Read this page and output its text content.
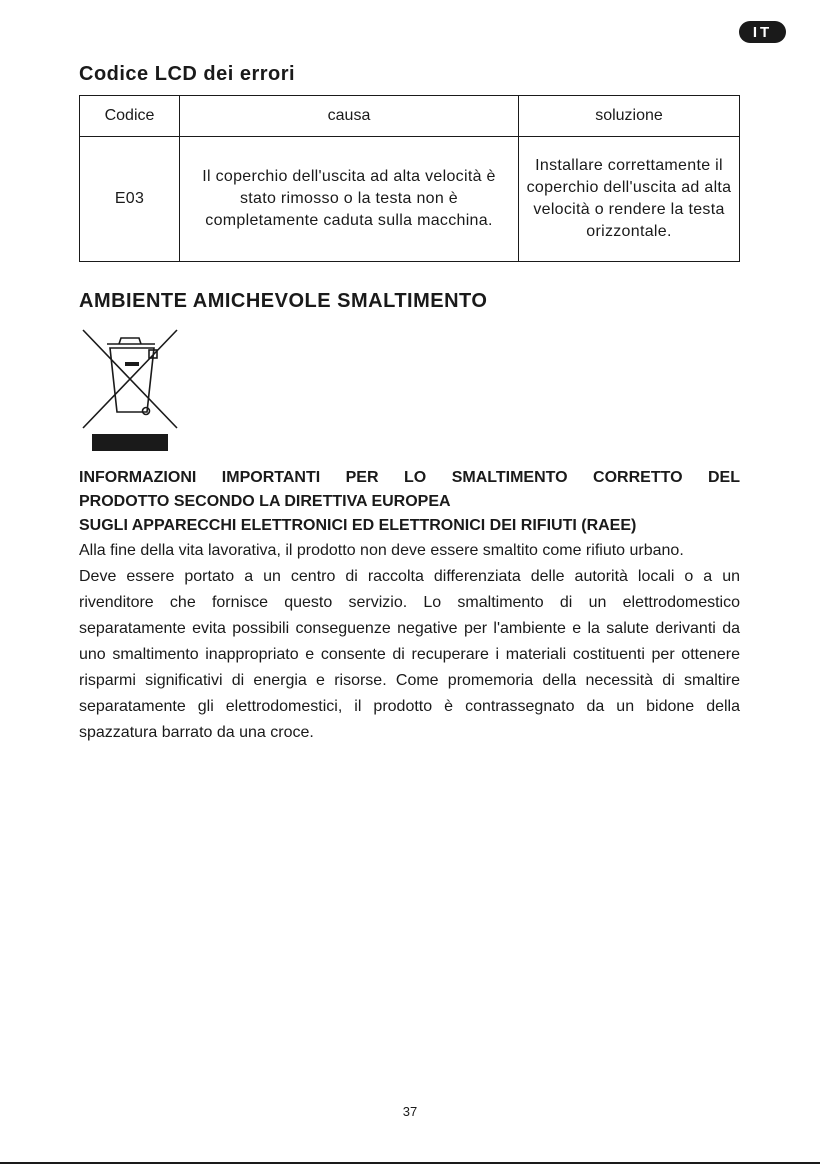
IT
Codice LCD dei errori
Codice	causa	soluzione
E03	Il coperchio dell'uscita ad alta velocità è stato rimosso o la testa non è completamente caduta sulla macchina.	Installare correttamente il coperchio dell'uscita ad alta velocità o rendere la testa orizzontale.
AMBIENTE AMICHEVOLE SMALTIMENTO

INFORMAZIONI IMPORTANTI PER LO SMALTIMENTO CORRETTO DEL

PRODOTTO SECONDO LA DIRETTIVA EUROPEA

SUGLI APPARECCHI ELETTRONICI ED ELETTRONICI DEI RIFIUTI (RAEE)

Alla fine della vita lavorativa, il prodotto non deve essere smaltito come rifiuto urbano.

Deve essere portato a un centro di raccolta differenziata delle autorità locali o a un rivenditore che fornisce questo servizio. Lo smaltimento di un elettrodomestico separatamente evita possibili conseguenze negative per l'ambiente e la salute derivanti da uno smaltimento inappropriato e consente di recuperare i materiali costituenti per ottenere risparmi significativi di energia e risorse. Come promemoria della necessità di smaltire separatamente gli elettrodomestici, il prodotto è contrassegnato da un bidone della spazzatura barrato da una croce.

37
